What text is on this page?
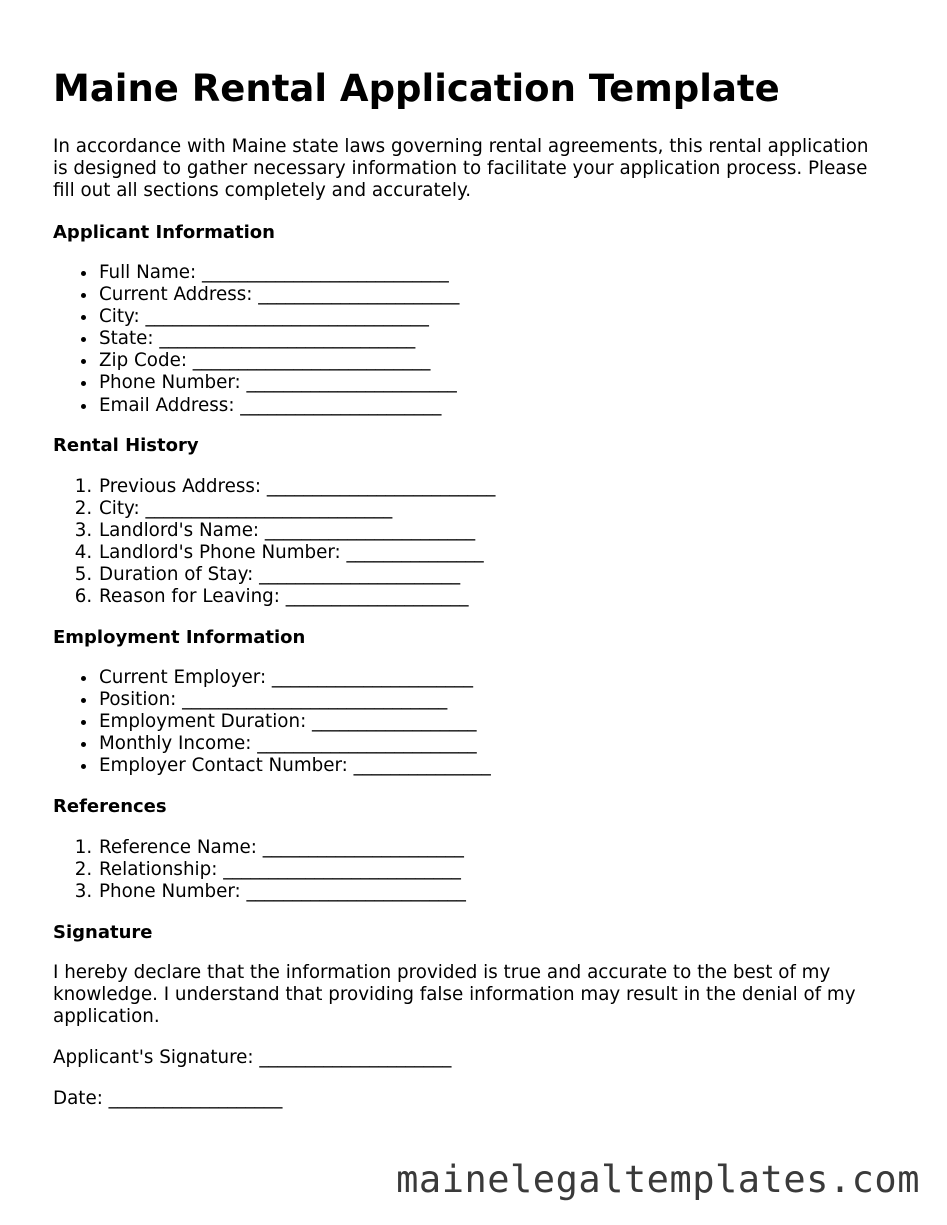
Maine Rental Application Template

In accordance with Maine state laws governing rental agreements, this rental application is designed to gather necessary information to facilitate your application process. Please fill out all sections completely and accurately.

Applicant Information
• Full Name: ___________________________
• Current Address: ______________________
• City: _______________________________
• State: ____________________________
• Zip Code: __________________________
• Phone Number: _______________________
• Email Address: ______________________
Rental History
1. Previous Address: _________________________
2. City: ___________________________
3. Landlord's Name: _______________________
4. Landlord's Phone Number: _______________
5. Duration of Stay: ______________________
6. Reason for Leaving: ____________________
Employment Information
• Current Employer: ______________________
• Position: _____________________________
• Employment Duration: __________________
• Monthly Income: ________________________
• Employer Contact Number: _______________
References
1. Reference Name: ______________________
2. Relationship: __________________________
3. Phone Number: ________________________
Signature

I hereby declare that the information provided is true and accurate to the best of my knowledge. I understand that providing false information may result in the denial of my application.

Applicant's Signature: _____________________

Date: ___________________

mainelegaltemplates.com
